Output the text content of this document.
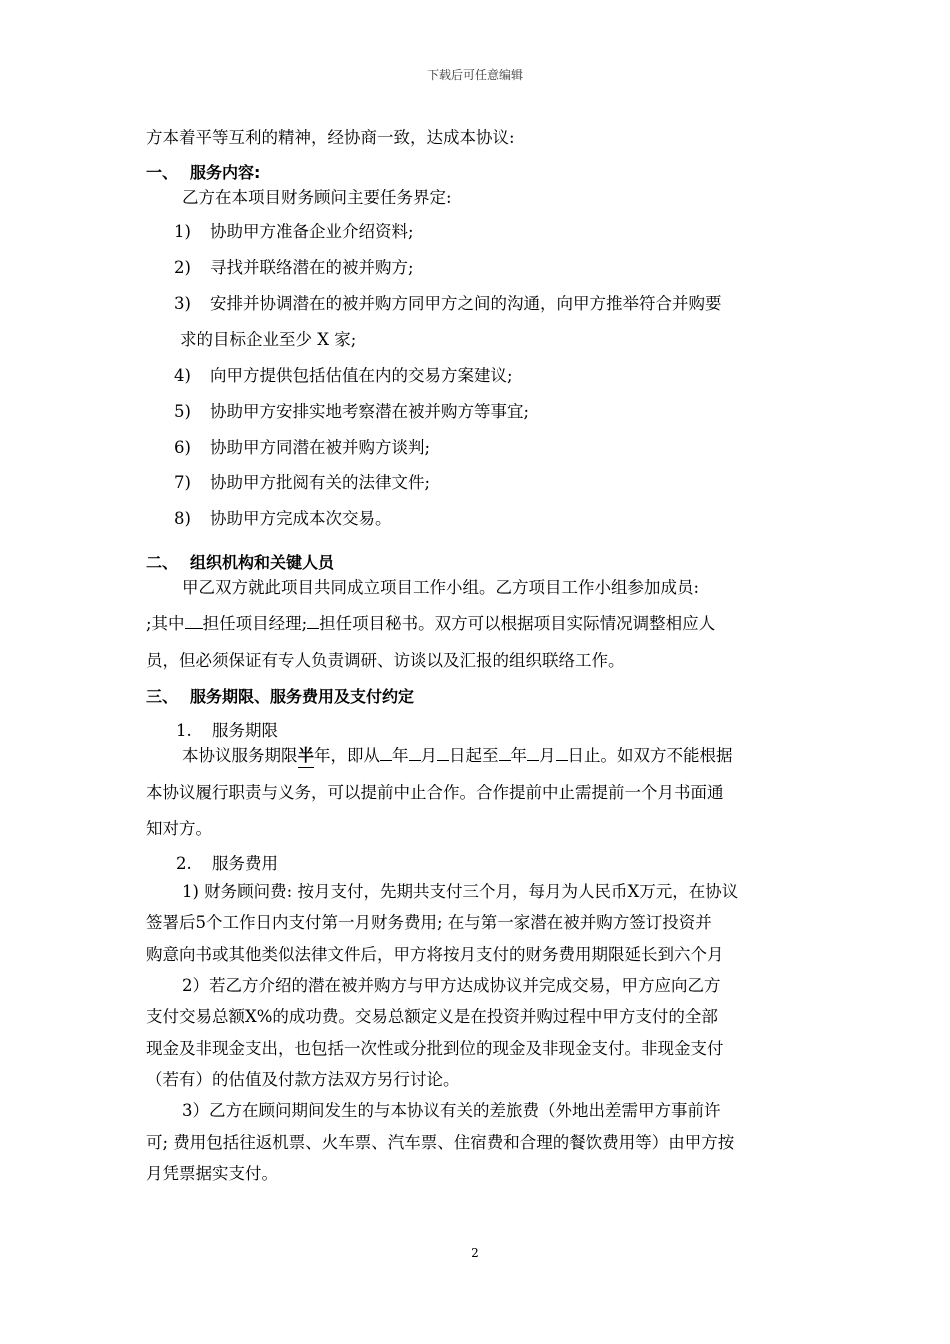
下载后可任意编辑
方本着平等互利的精神，经协商一致，达成本协议:
一、 服务内容:
乙方在本项目财务顾问主要任务界定:
1) 协助甲方准备企业介绍资料;
2) 寻找并联络潜在的被并购方;
3) 安排并协调潜在的被并购方同甲方之间的沟通，向甲方推举符合并购要
求的目标企业至少 X 家;
4) 向甲方提供包括估值在内的交易方案建议;
5) 协助甲方安排实地考察潜在被并购方等事宜;
6) 协助甲方同潜在被并购方谈判;
7) 协助甲方批阅有关的法律文件;
8) 协助甲方完成本次交易。
二、 组织机构和关键人员
甲乙双方就此项目共同成立项目工作小组。乙方项目工作小组参加成员:
;其中 担任项目经理; 担任项目秘书。双方可以根据项目实际情况调整相应人
员，但必须保证有专人负责调研、访谈以及汇报的组织联络工作。
三、 服务期限、服务费用及支付约定
1. 服务期限
本协议服务期限半年，即从 年 月 日起至 年 月 日止。如双方不能根据
本协议履行职责与义务，可以提前中止合作。合作提前中止需提前一个月书面通
知对方。
2. 服务费用
1) 财务顾问费: 按月支付，先期共支付三个月，每月为人民币X万元，在协议
签署后5个工作日内支付第一月财务费用; 在与第一家潜在被并购方签订投资并
购意向书或其他类似法律文件后，甲方将按月支付的财务费用期限延长到六个月
2）若乙方介绍的潜在被并购方与甲方达成协议并完成交易，甲方应向乙方
支付交易总额X%的成功费。交易总额定义是在投资并购过程中甲方支付的全部
现金及非现金支出，也包括一次性或分批到位的现金及非现金支付。非现金支付
（若有）的估值及付款方法双方另行讨论。
3）乙方在顾问期间发生的与本协议有关的差旅费（外地出差需甲方事前许
可; 费用包括往返机票、火车票、汽车票、住宿费和合理的餐饮费用等）由甲方按
月凭票据实支付。
2
